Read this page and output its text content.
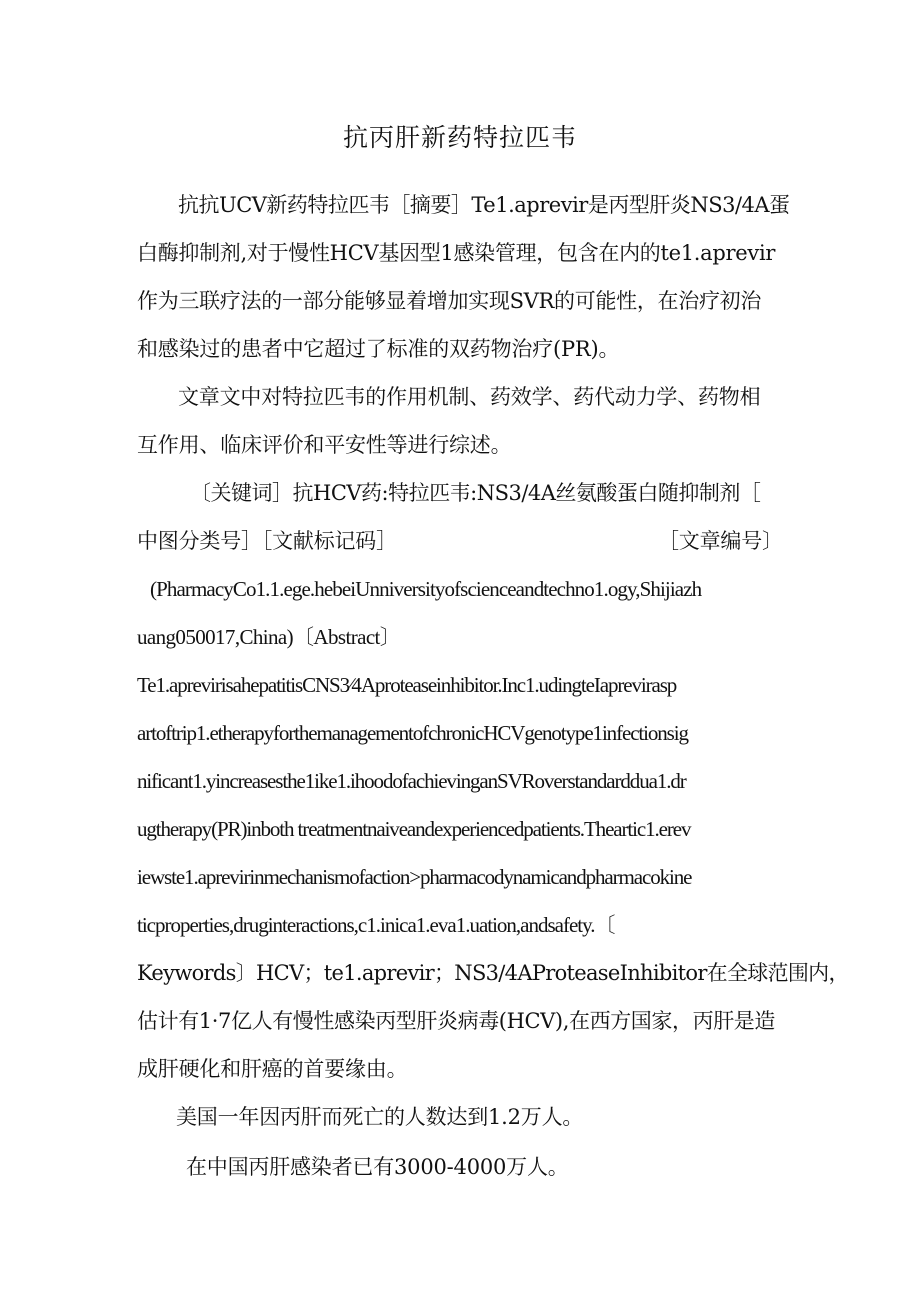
抗丙肝新药特拉匹韦
抗抗UCV新药特拉匹韦［摘要］Te1.aprevir是丙型肝炎NS3/4A蛋
白酶抑制剂,对于慢性HCV基因型1感染管理，包含在内的te1.aprevir
作为三联疗法的一部分能够显着增加实现SVR的可能性，在治疗初治
和感染过的患者中它超过了标准的双药物治疗(PR)。
文章文中对特拉匹韦的作用机制、药效学、药代动力学、药物相
互作用、临床评价和平安性等进行综述。
〔关键词］抗HCV药:特拉匹韦:NS3/4A丝氨酸蛋白随抑制剂［
中图分类号］［文献标记码］	［文章编号〕
(PharmacyCo1.1.ege.hebeiUnniversityofscienceandtechno1.ogy,Shijiazh
uang050017,China)〔Abstract〕
Te1.aprevirisahepatitisCNS3∕4Aproteaseinhibitor.Inc1.udingteIaprevirasp
artoftrip1.etherapyforthemanagementofchronicHCVgenotype1infectionsig
nificant1.yincreasesthe1ike1.ihoodofachievinganSVRoverstandarddua1.dr
ugtherapy(PR)inboth treatmentnaiveandexperiencedpatients.Theartic1.erev
iewste1.aprevirinmechanismofaction>pharmacodynamicandpharmacokine
ticproperties,druginteractions,c1.inica1.eva1.uation,andsafety.〔
Keywords〕HCV；te1.aprevir；NS3∕4AProteaseInhibitor在全球范围内，
估计有1·7亿人有慢性感染丙型肝炎病毒(HCV),在西方国家，丙肝是造
成肝硬化和肝癌的首要缘由。
美国一年因丙肝而死亡的人数达到1.2万人。
在中国丙肝感染者已有3000-4000万人。
